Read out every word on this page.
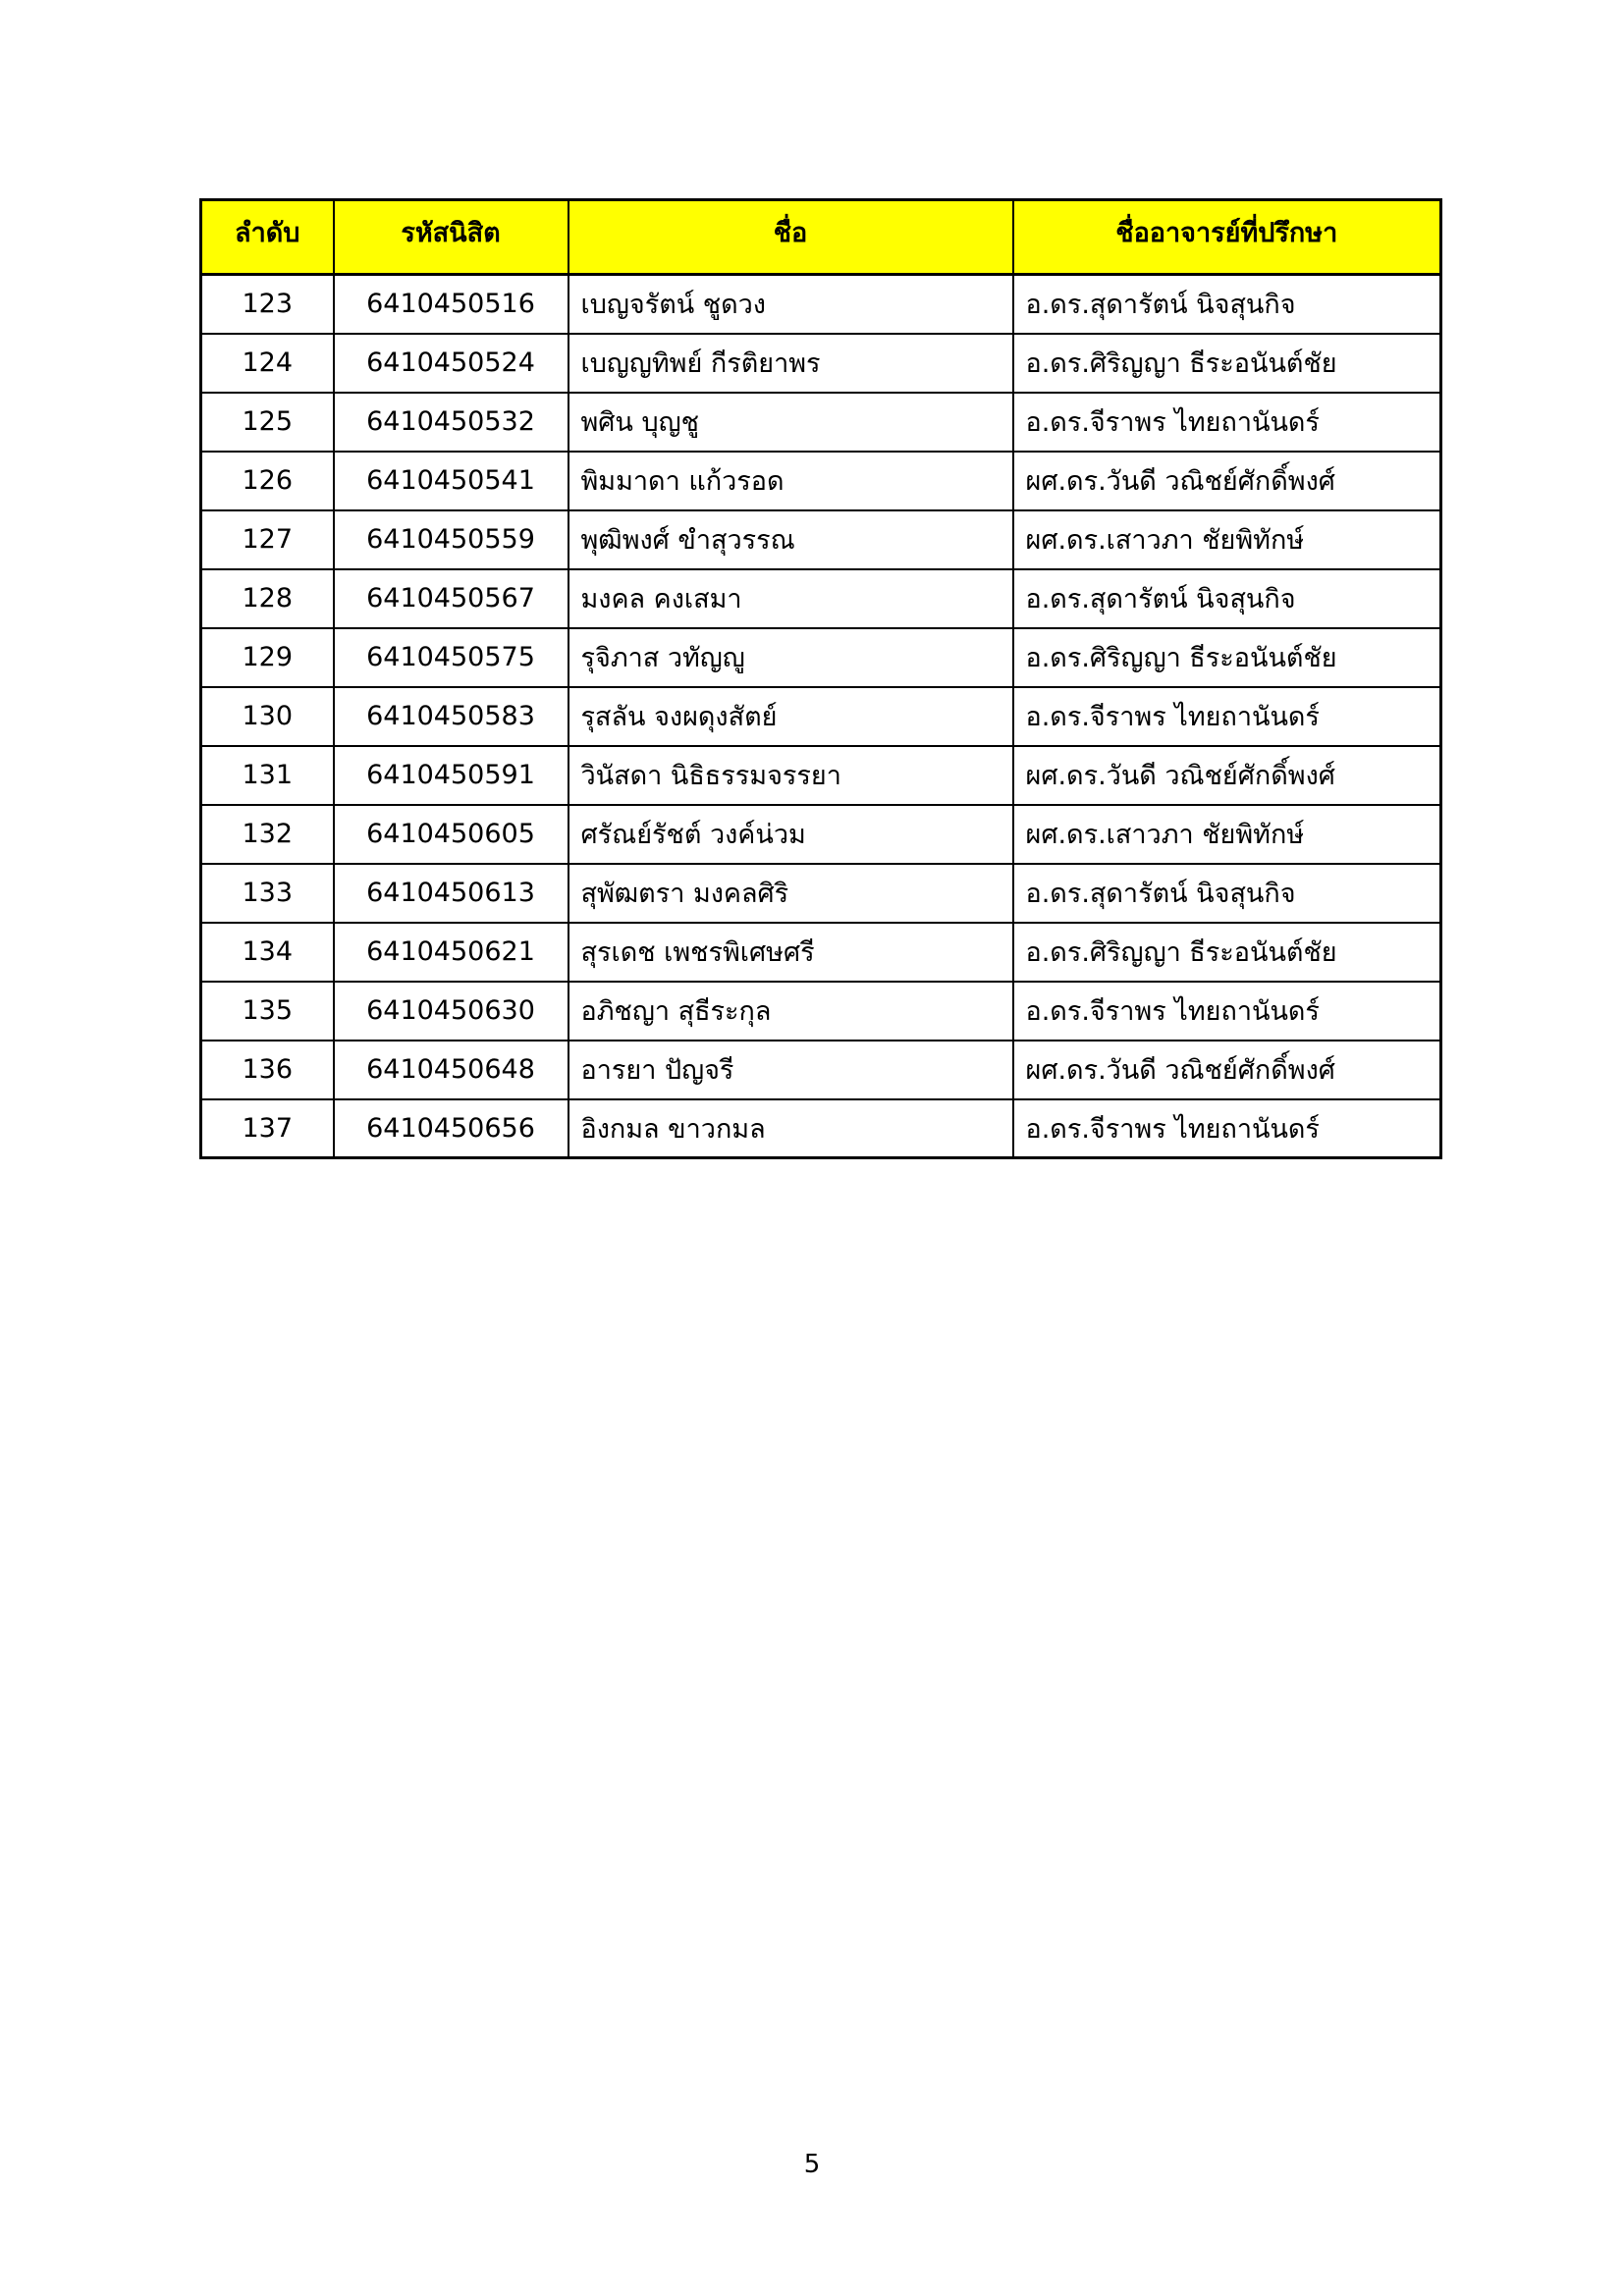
ลำดับ	รหัสนิสิต	ชื่อ	ชื่ออาจารย์ที่ปรึกษา
123	6410450516	เบญจรัตน์ ชูดวง	อ.ดร.สุดารัตน์ นิจสุนกิจ
124	6410450524	เบญญทิพย์ กีรติยาพร	อ.ดร.ศิริญญา ธีระอนันต์ชัย
125	6410450532	พศิน บุญชู	อ.ดร.จีราพร ไทยถานันดร์
126	6410450541	พิมมาดา แก้วรอด	ผศ.ดร.วันดี วณิชย์ศักดิ์พงศ์
127	6410450559	พุฒิพงศ์ ขำสุวรรณ	ผศ.ดร.เสาวภา ชัยพิทักษ์
128	6410450567	มงคล คงเสมา	อ.ดร.สุดารัตน์ นิจสุนกิจ
129	6410450575	รุจิภาส วทัญญู	อ.ดร.ศิริญญา ธีระอนันต์ชัย
130	6410450583	รุสลัน จงผดุงสัตย์	อ.ดร.จีราพร ไทยถานันดร์
131	6410450591	วินัสดา นิธิธรรมจรรยา	ผศ.ดร.วันดี วณิชย์ศักดิ์พงศ์
132	6410450605	ศรัณย์รัชต์ วงค์น่วม	ผศ.ดร.เสาวภา ชัยพิทักษ์
133	6410450613	สุพัฒตรา มงคลศิริ	อ.ดร.สุดารัตน์ นิจสุนกิจ
134	6410450621	สุรเดช เพชรพิเศษศรี	อ.ดร.ศิริญญา ธีระอนันต์ชัย
135	6410450630	อภิชญา สุธีระกุล	อ.ดร.จีราพร ไทยถานันดร์
136	6410450648	อารยา ปัญจรี	ผศ.ดร.วันดี วณิชย์ศักดิ์พงศ์
137	6410450656	อิงกมล ขาวกมล	อ.ดร.จีราพร ไทยถานันดร์
5
